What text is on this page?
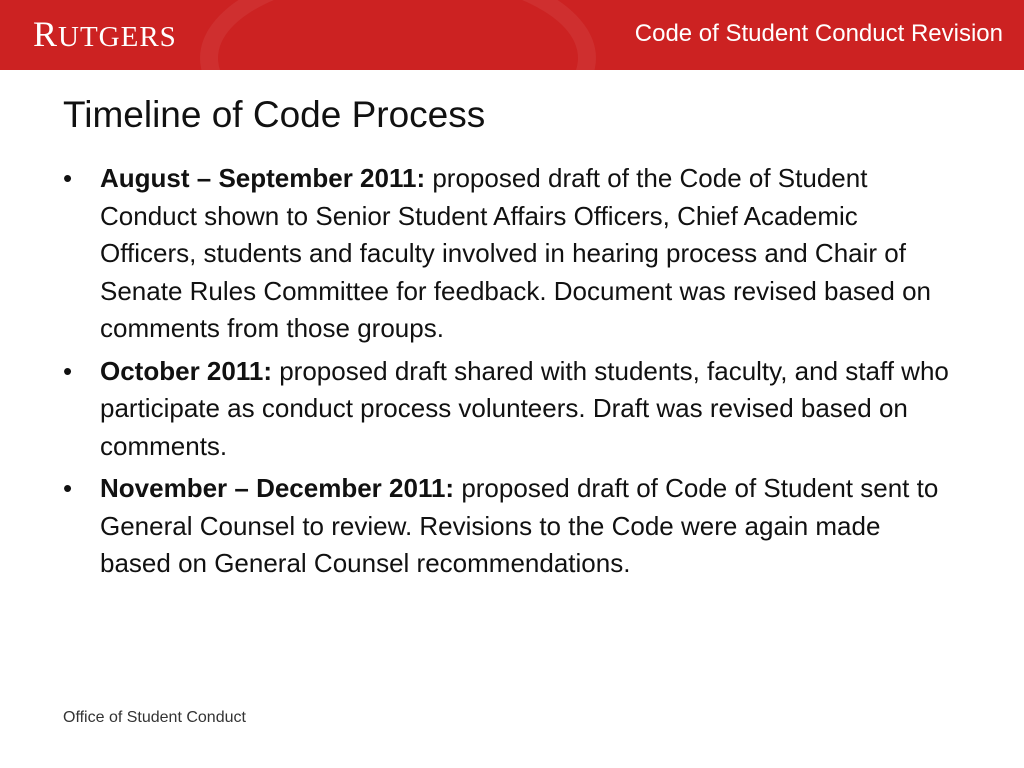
RUTGERS	Code of Student Conduct Revision
Timeline of Code Process
• August – September 2011: proposed draft of the Code of Student Conduct shown to Senior Student Affairs Officers, Chief Academic Officers, students and faculty involved in hearing process and Chair of Senate Rules Committee for feedback. Document was revised based on comments from those groups.
• October 2011: proposed draft shared with students, faculty, and staff who participate as conduct process volunteers. Draft was revised based on comments.
• November – December 2011: proposed draft of Code of Student sent to General Counsel to review. Revisions to the Code were again made based on General Counsel recommendations.
Office of Student Conduct
